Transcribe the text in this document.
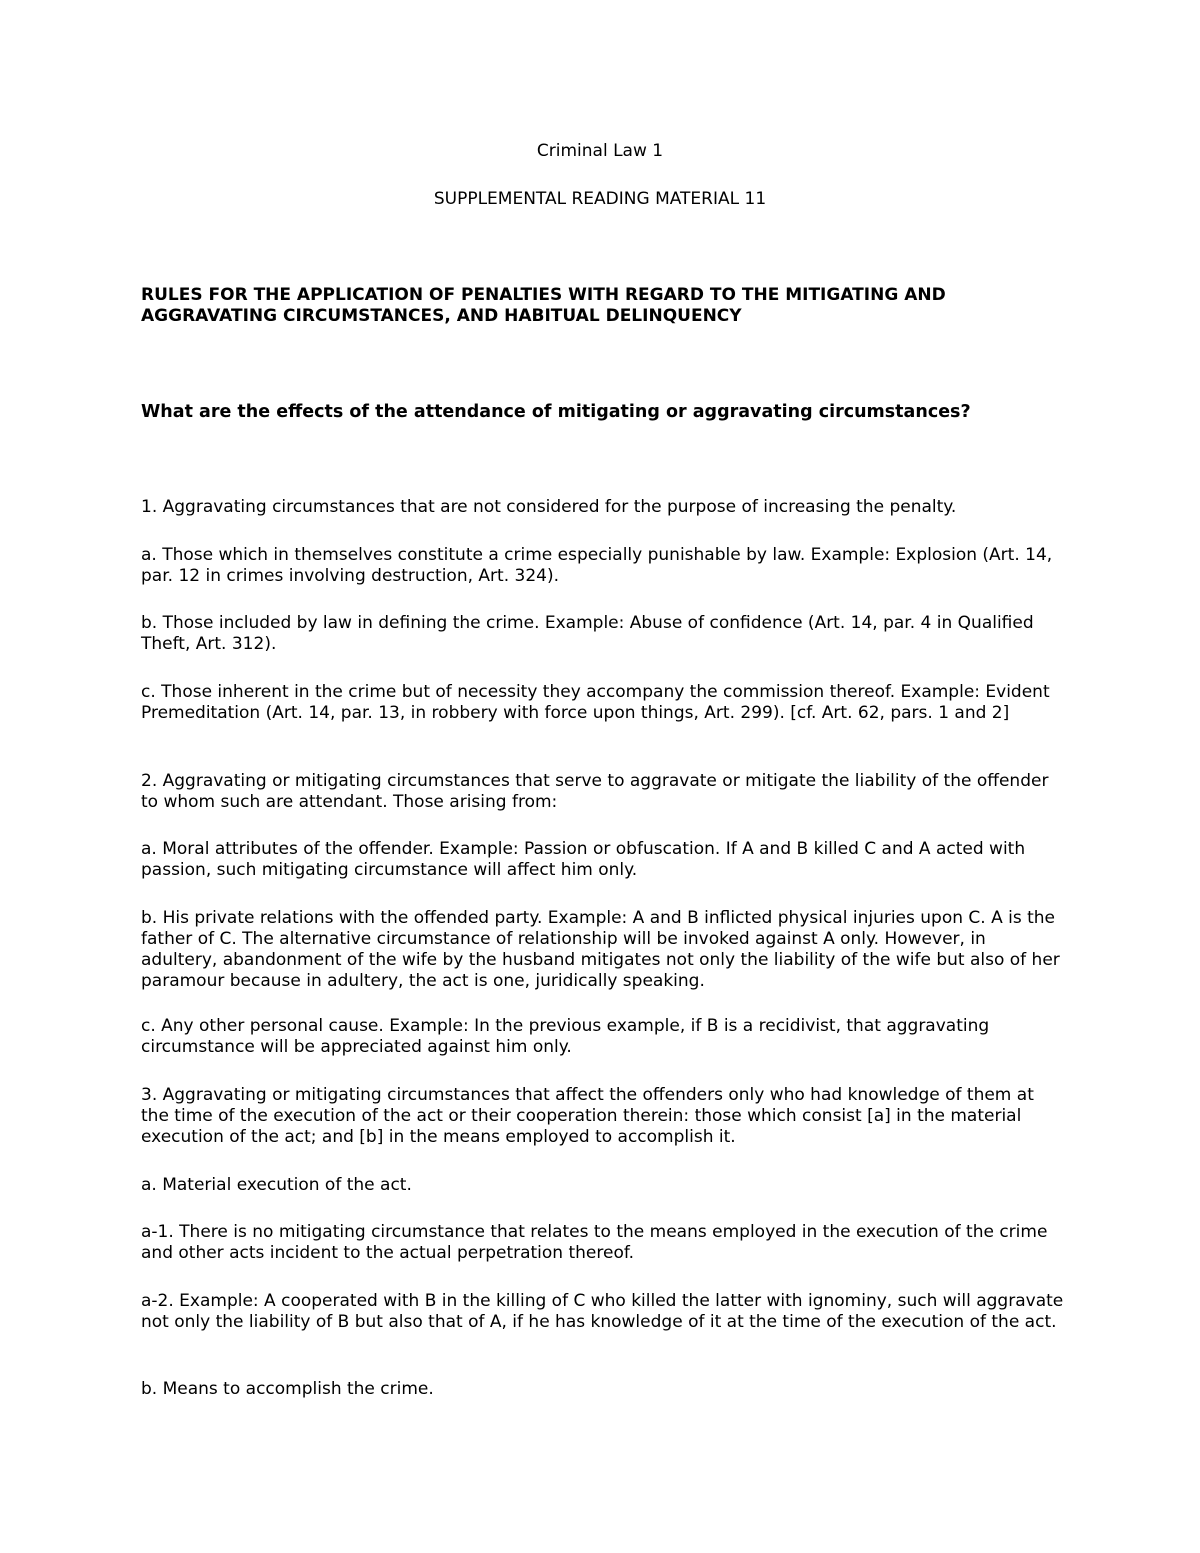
Criminal Law 1
SUPPLEMENTAL READING MATERIAL 11
RULES FOR THE APPLICATION OF PENALTIES WITH REGARD TO THE MITIGATING AND AGGRAVATING CIRCUMSTANCES, AND HABITUAL DELINQUENCY
What are the effects of the attendance of mitigating or aggravating circumstances?
1. Aggravating circumstances that are not considered for the purpose of increasing the penalty.
a. Those which in themselves constitute a crime especially punishable by law. Example: Explosion (Art. 14, par. 12 in crimes involving destruction, Art. 324).
b. Those included by law in defining the crime. Example: Abuse of confidence (Art. 14, par. 4 in Qualified Theft, Art. 312).
c. Those inherent in the crime but of necessity they accompany the commission thereof. Example: Evident Premeditation (Art. 14, par. 13, in robbery with force upon things, Art. 299). [cf. Art. 62, pars. 1 and 2]
2. Aggravating or mitigating circumstances that serve to aggravate or mitigate the liability of the offender to whom such are attendant. Those arising from:
a. Moral attributes of the offender. Example: Passion or obfuscation. If A and B killed C and A acted with passion, such mitigating circumstance will affect him only.
b. His private relations with the offended party. Example: A and B inflicted physical injuries upon C. A is the father of C. The alternative circumstance of relationship will be invoked against A only. However, in adultery, abandonment of the wife by the husband mitigates not only the liability of the wife but also of her paramour because in adultery, the act is one, juridically speaking.
c. Any other personal cause. Example: In the previous example, if B is a recidivist, that aggravating circumstance will be appreciated against him only.
3. Aggravating or mitigating circumstances that affect the offenders only who had knowledge of them at the time of the execution of the act or their cooperation therein: those which consist [a] in the material execution of the act; and [b] in the means employed to accomplish it.
a. Material execution of the act.
a-1. There is no mitigating circumstance that relates to the means employed in the execution of the crime and other acts incident to the actual perpetration thereof.
a-2. Example: A cooperated with B in the killing of C who killed the latter with ignominy, such will aggravate not only the liability of B but also that of A, if he has knowledge of it at the time of the execution of the act.
b. Means to accomplish the crime.
